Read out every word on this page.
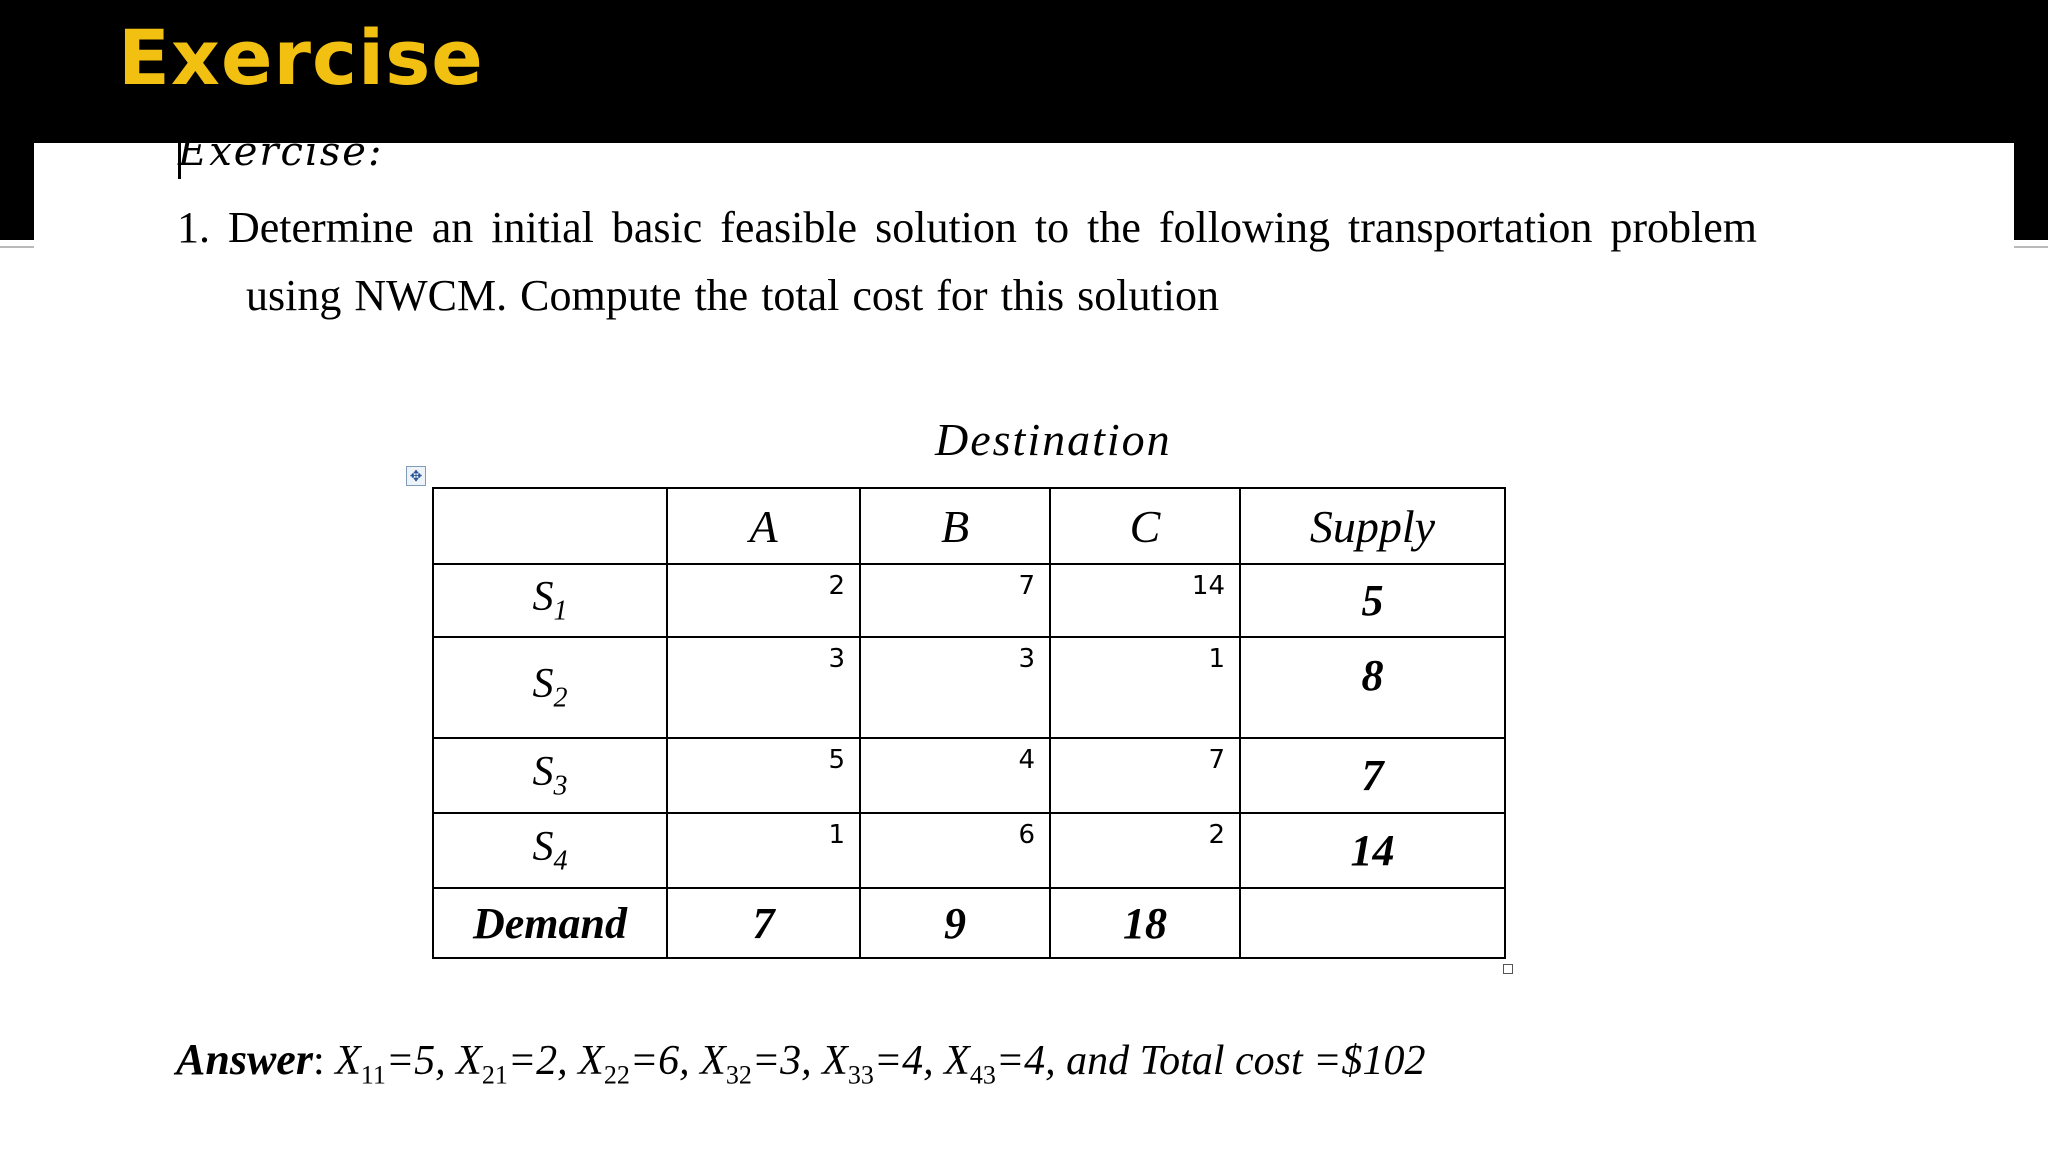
Exercise
Exercise:
1. Determine an initial basic feasible solution to the following transportation problem
using NWCM. Compute the total cost for this solution
Destination
✥
	A	B	C	Supply
$S_1$	2	7	14	5
$S_2$	3	3	1	8
$S_3$	5	4	7	7
$S_4$	1	6	2	14
Demand	7	9	18	
Answer: $X_{11}=5$, $X_{21}=2$, $X_{22}=6$, $X_{32}=3$, $X_{33}=4$, $X_{43}=4$, and Total cost =$102
